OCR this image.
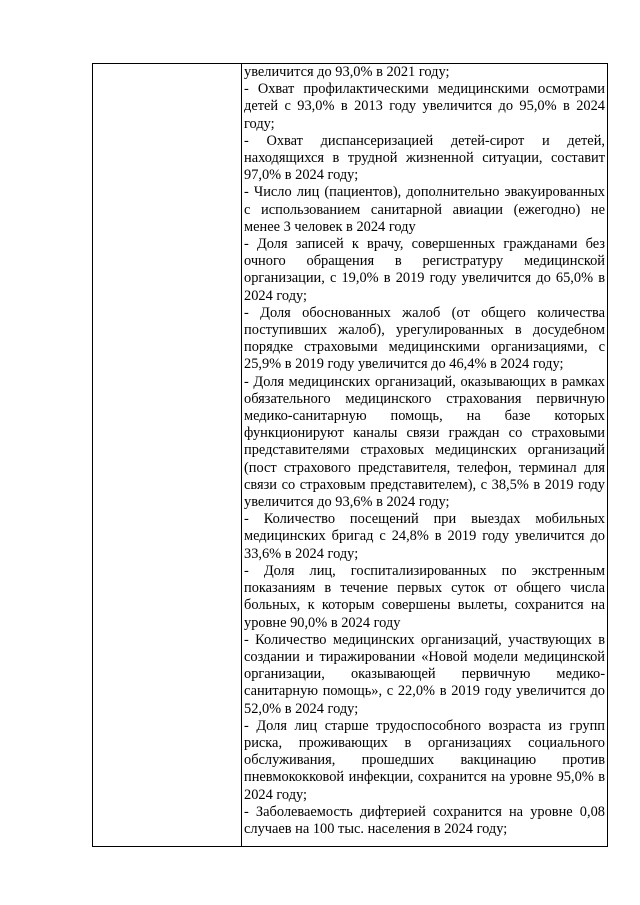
увеличится до 93,0% в 2021 году;

- Охват профилактическими медицинскими осмотрами детей с 93,0% в 2013 году увеличится до 95,0% в 2024 году;

- Охват диспансеризацией детей-сирот и детей, находящихся в трудной жизненной ситуации, составит 97,0% в 2024 году;

- Число лиц (пациентов), дополнительно эвакуированных с использованием санитарной авиации (ежегодно) не менее 3 человек в 2024 году

- Доля записей к врачу, совершенных гражданами без очного обращения в регистратуру медицинской организации, с 19,0% в 2019 году увеличится до 65,0% в 2024 году;

- Доля обоснованных жалоб (от общего количества поступивших жалоб), урегулированных в досудебном порядке страховыми медицинскими организациями, с 25,9% в 2019 году увеличится до 46,4% в 2024 году;

- Доля медицинских организаций, оказывающих в рамках обязательного медицинского страхования первичную медико-санитарную помощь, на базе которых функционируют каналы связи граждан со страховыми представителями страховых медицинских организаций (пост страхового представителя, телефон, терминал для связи со страховым представителем), с 38,5% в 2019 году увеличится до 93,6% в 2024 году;

- Количество посещений при выездах мобильных медицинских бригад с 24,8% в 2019 году увеличится до 33,6% в 2024 году;

- Доля лиц, госпитализированных по экстренным показаниям в течение первых суток от общего числа больных, к которым совершены вылеты, сохранится на уровне 90,0% в 2024 году

- Количество медицинских организаций, участвующих в создании и тиражировании «Новой модели медицинской организации, оказывающей первичную медико-санитарную помощь», с 22,0% в 2019 году увеличится до 52,0% в 2024 году;

- Доля лиц старше трудоспособного возраста из групп риска, проживающих в организациях социального обслуживания, прошедших вакцинацию против пневмококковой инфекции, сохранится на уровне 95,0% в 2024 году;

- Заболеваемость дифтерией сохранится на уровне 0,08 случаев на 100 тыс. населения в 2024 году;
